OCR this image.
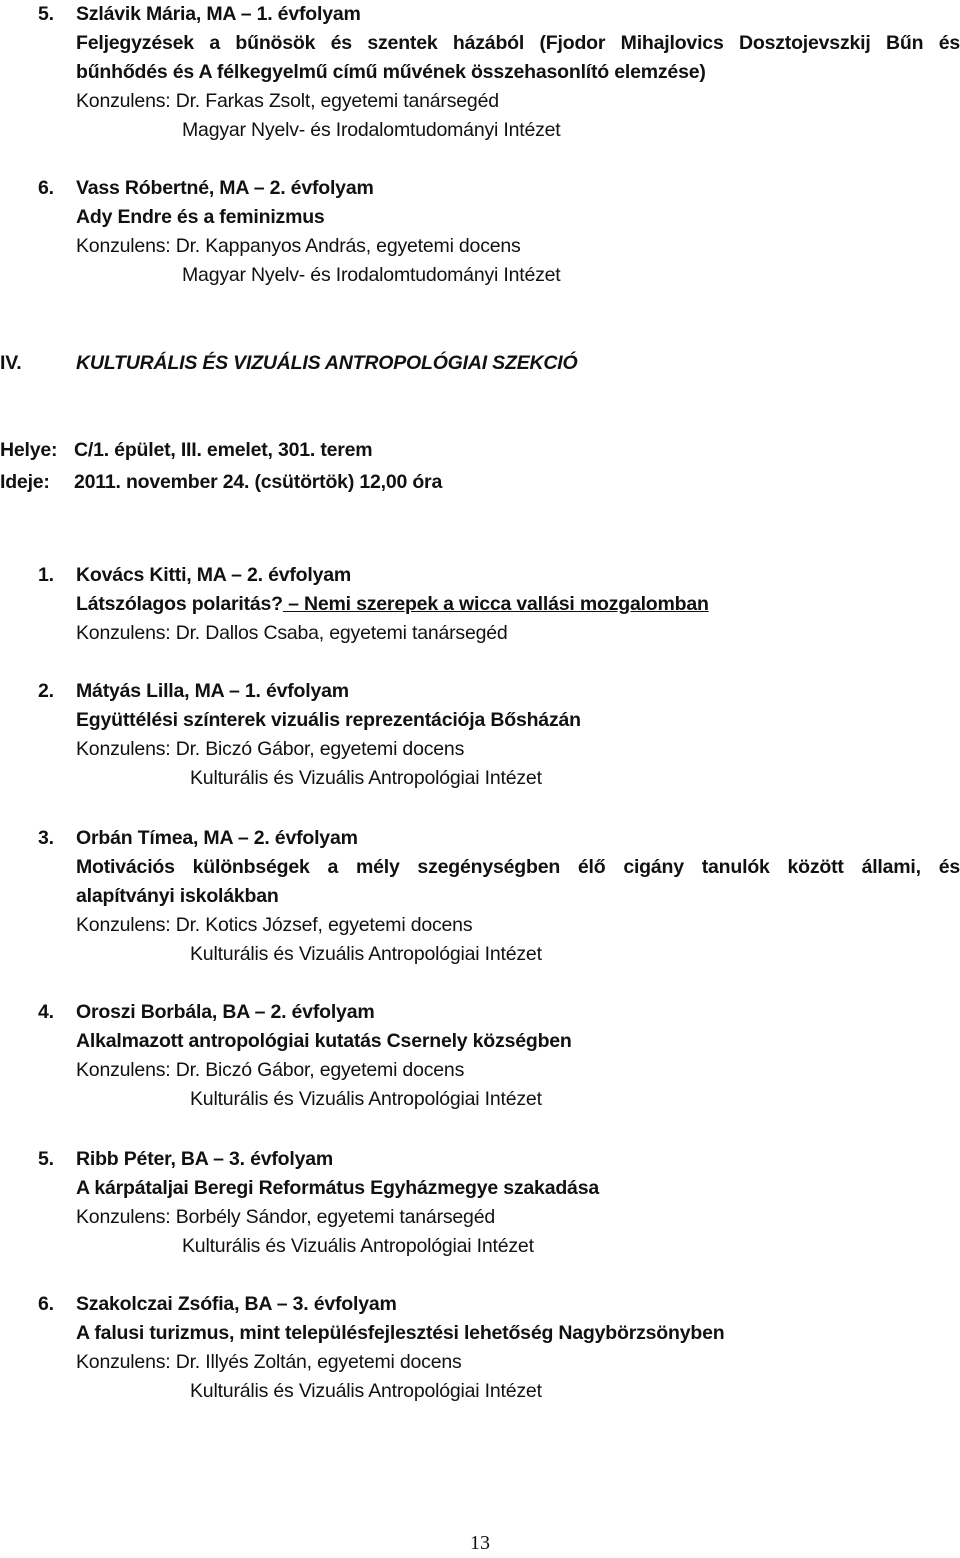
5. Szlávik Mária, MA – 1. évfolyam
Feljegyzések a bűnösök és szentek házából (Fjodor Mihajlovics Dosztojevszkij Bűn és
bűnhődés és A félkegyelmű című művének összehasonlító elemzése)
Konzulens: Dr. Farkas Zsolt, egyetemi tanársegéd
Magyar Nyelv- és Irodalomtudományi Intézet
6. Vass Róbertné, MA – 2. évfolyam
Ady Endre és a feminizmus
Konzulens: Dr. Kappanyos András, egyetemi docens
Magyar Nyelv- és Irodalomtudományi Intézet
IV.	KULTURÁLIS ÉS VIZUÁLIS ANTROPOLÓGIAI SZEKCIÓ
Helye: C/1. épület, III. emelet, 301. terem
Ideje: 2011. november 24. (csütörtök) 12,00 óra
1. Kovács Kitti, MA – 2. évfolyam
Látszólagos polaritás? – Nemi szerepek a wicca vallási mozgalomban
Konzulens: Dr. Dallos Csaba, egyetemi tanársegéd
2. Mátyás Lilla, MA – 1. évfolyam
Együttélési színterek vizuális reprezentációja Bősházán
Konzulens: Dr. Biczó Gábor, egyetemi docens
Kulturális és Vizuális Antropológiai Intézet
3. Orbán Tímea, MA – 2. évfolyam
Motivációs különbségek a mély szegénységben élő cigány tanulók között állami, és
alapítványi iskolákban
Konzulens: Dr. Kotics József, egyetemi docens
Kulturális és Vizuális Antropológiai Intézet
4. Oroszi Borbála, BA – 2. évfolyam
Alkalmazott antropológiai kutatás Csernely községben
Konzulens: Dr. Biczó Gábor, egyetemi docens
Kulturális és Vizuális Antropológiai Intézet
5. Ribb Péter, BA – 3. évfolyam
A kárpátaljai Beregi Református Egyházmegye szakadása
Konzulens: Borbély Sándor, egyetemi tanársegéd
Kulturális és Vizuális Antropológiai Intézet
6. Szakolczai Zsófia, BA – 3. évfolyam
A falusi turizmus, mint településfejlesztési lehetőség Nagybörzsönyben
Konzulens: Dr. Illyés Zoltán, egyetemi docens
Kulturális és Vizuális Antropológiai Intézet
13
